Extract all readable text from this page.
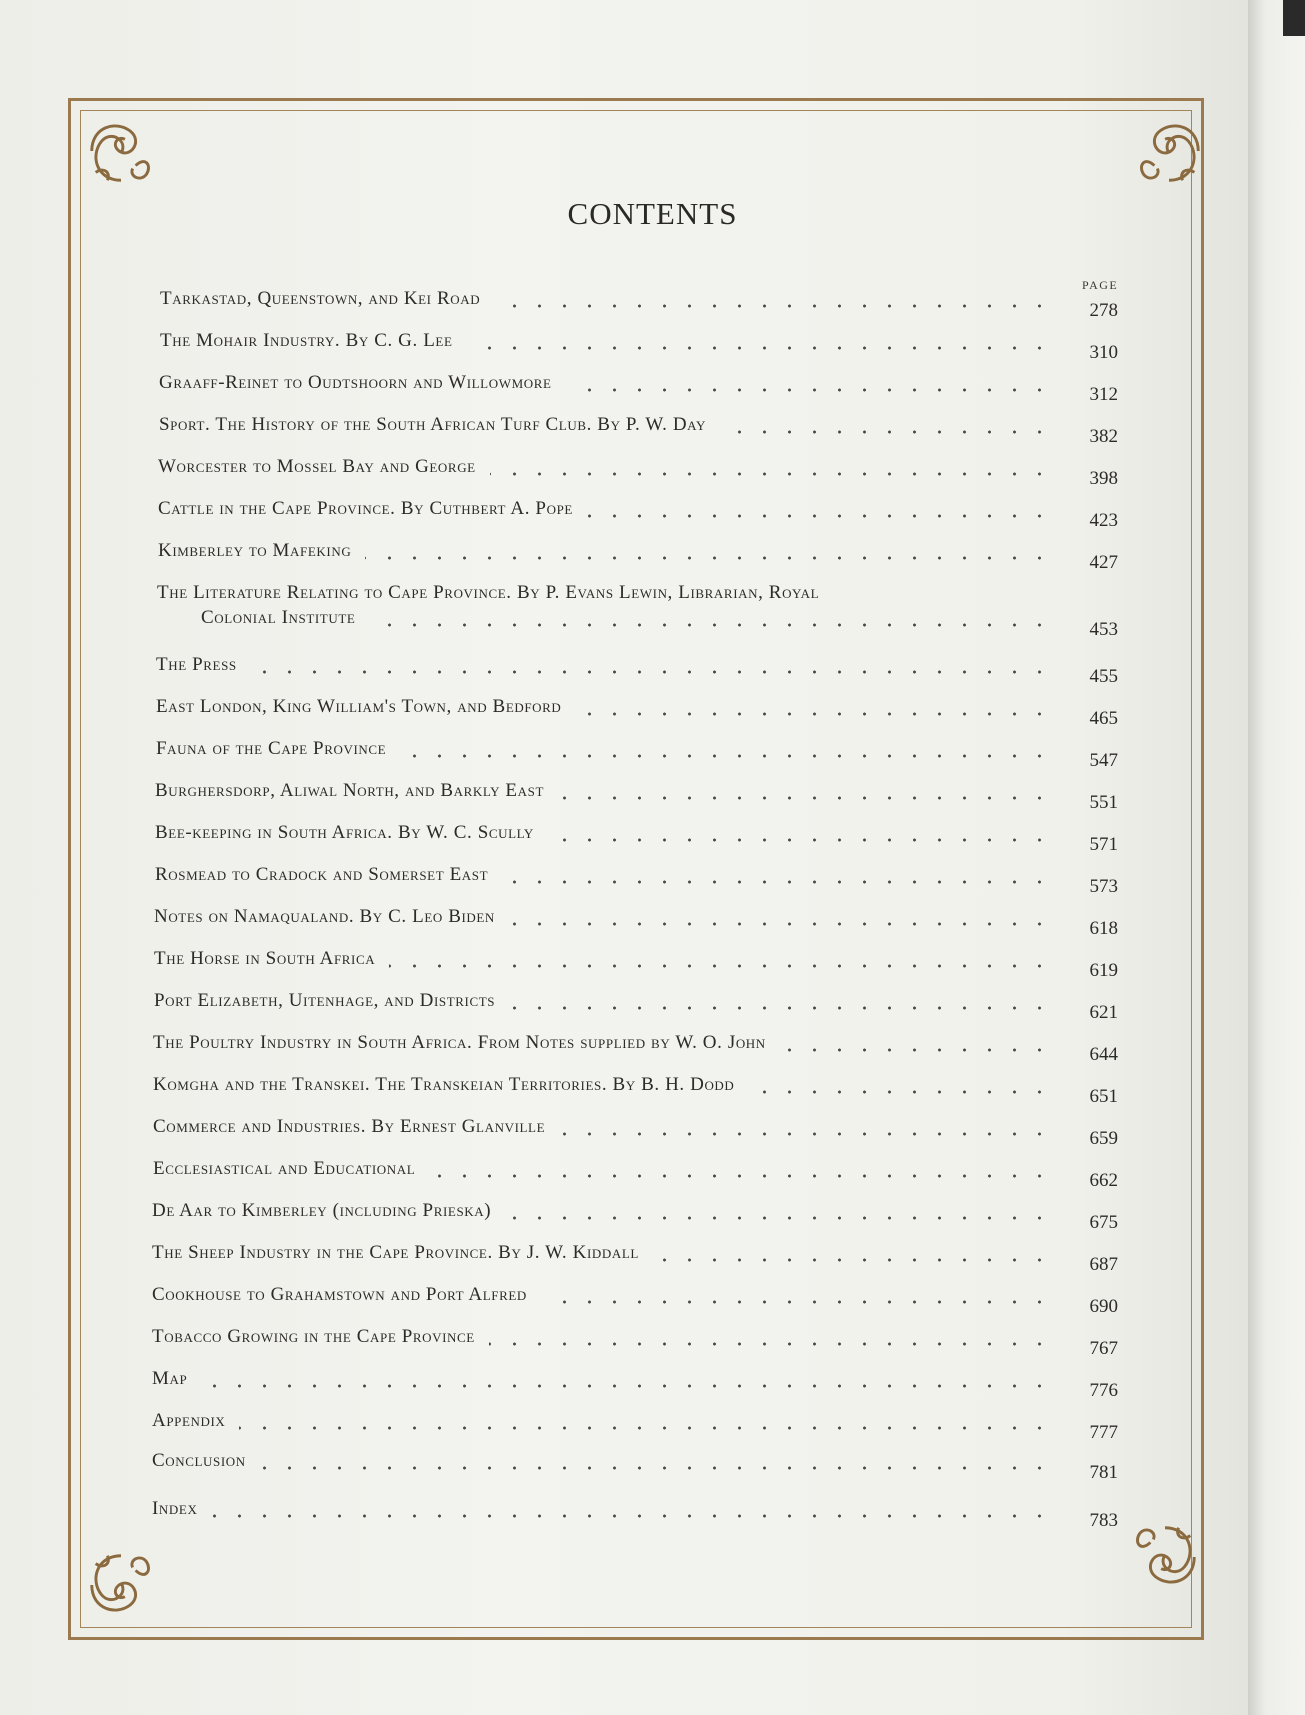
CONTENTS
PAGE
Tarkastad, Queenstown, and Kei Road
278
The Mohair Industry. By C. G. Lee
310
Graaff-Reinet to Oudtshoorn and Willowmore
312
Sport. The History of the South African Turf Club. By P. W. Day
382
Worcester to Mossel Bay and George
398
Cattle in the Cape Province. By Cuthbert A. Pope
423
Kimberley to Mafeking
427
The Literature Relating to Cape Province. By P. Evans Lewin, Librarian, Royal
Colonial Institute
453
The Press
455
East London, King William's Town, and Bedford
465
Fauna of the Cape Province
547
Burghersdorp, Aliwal North, and Barkly East
551
Bee-keeping in South Africa. By W. C. Scully
571
Rosmead to Cradock and Somerset East
573
Notes on Namaqualand. By C. Leo Biden
618
The Horse in South Africa
619
Port Elizabeth, Uitenhage, and Districts
621
The Poultry Industry in South Africa. From Notes supplied by W. O. John
644
Komgha and the Transkei. The Transkeian Territories. By B. H. Dodd
651
Commerce and Industries. By Ernest Glanville
659
Ecclesiastical and Educational
662
De Aar to Kimberley (including Prieska)
675
The Sheep Industry in the Cape Province. By J. W. Kiddall
687
Cookhouse to Grahamstown and Port Alfred
690
Tobacco Growing in the Cape Province
767
Map
776
Appendix
777
Conclusion
781
Index
783
